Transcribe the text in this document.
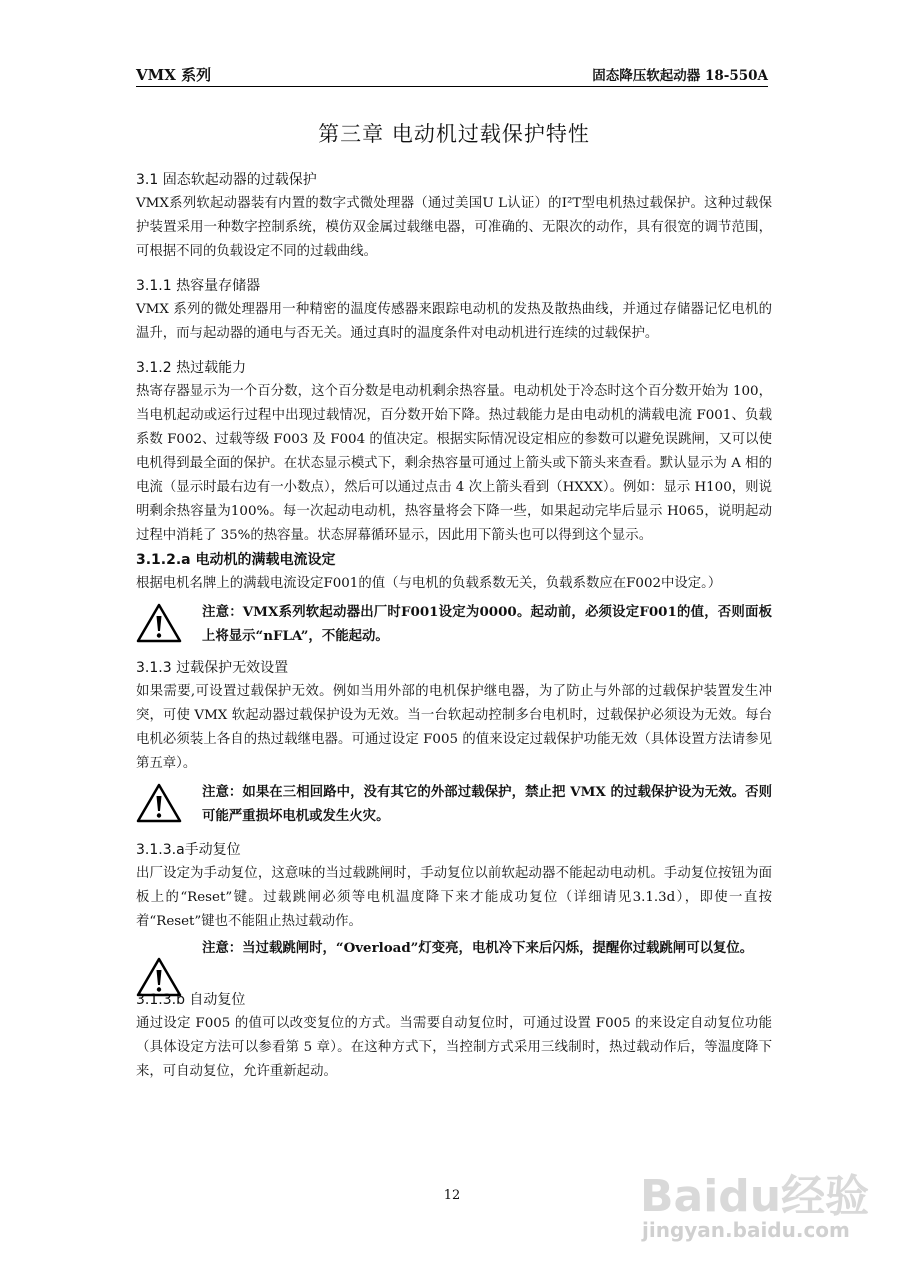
VMX 系列	固态降压软起动器 18-550A
第三章 电动机过载保护特性
3.1 固态软起动器的过载保护
VMX系列软起动器装有内置的数字式微处理器（通过美国U L认证）的I²T型电机热过载保护。这种过载保护装置采用一种数字控制系统，模仿双金属过载继电器，可准确的、无限次的动作，具有很宽的调节范围，可根据不同的负载设定不同的过载曲线。
3.1.1 热容量存储器
VMX 系列的微处理器用一种精密的温度传感器来跟踪电动机的发热及散热曲线，并通过存储器记忆电机的温升，而与起动器的通电与否无关。通过真时的温度条件对电动机进行连续的过载保护。
3.1.2 热过载能力
热寄存器显示为一个百分数，这个百分数是电动机剩余热容量。电动机处于冷态时这个百分数开始为 100，当电机起动或运行过程中出现过载情况，百分数开始下降。热过载能力是由电动机的满载电流 F001、负载系数 F002、过载等级 F003 及 F004 的值决定。根据实际情况设定相应的参数可以避免误跳闸，又可以使电机得到最全面的保护。在状态显示模式下，剩余热容量可通过上箭头或下箭头来查看。默认显示为 A 相的电流（显示时最右边有一小数点），然后可以通过点击 4 次上箭头看到（HXXX）。例如：显示 H100，则说明剩余热容量为100%。每一次起动电动机，热容量将会下降一些，如果起动完毕后显示 H065，说明起动过程中消耗了 35%的热容量。状态屏幕循环显示，因此用下箭头也可以得到这个显示。
3.1.2.a 电动机的满载电流设定
根据电机名牌上的满载电流设定F001的值（与电机的负载系数无关，负载系数应在F002中设定。）
注意：VMX系列软起动器出厂时F001设定为0000。起动前，必须设定F001的值，否则面板上将显示“nFLA”，不能起动。
3.1.3 过载保护无效设置
如果需要,可设置过载保护无效。例如当用外部的电机保护继电器，为了防止与外部的过载保护装置发生冲突，可使 VMX 软起动器过载保护设为无效。当一台软起动控制多台电机时，过载保护必须设为无效。每台电机必须装上各自的热过载继电器。可通过设定 F005 的值来设定过载保护功能无效（具体设置方法请参见第五章）。
注意：如果在三相回路中，没有其它的外部过载保护，禁止把 VMX 的过载保护设为无效。否则可能严重损坏电机或发生火灾。
3.1.3.a手动复位
出厂设定为手动复位，这意味的当过载跳闸时，手动复位以前软起动器不能起动电动机。手动复位按钮为面板上的“Reset”键。过载跳闸必须等电机温度降下来才能成功复位（详细请见3.1.3d），即使一直按着“Reset”键也不能阻止热过载动作。
注意：当过载跳闸时，“Overload”灯变亮，电机冷下来后闪烁，提醒你过载跳闸可以复位。
3.1.3.b 自动复位
通过设定 F005 的值可以改变复位的方式。当需要自动复位时，可通过设置 F005 的来设定自动复位功能（具体设定方法可以参看第 5 章）。在这种方式下，当控制方式采用三线制时，热过载动作后，等温度降下来，可自动复位，允许重新起动。
12	Baidu经验
jingyan.baidu.com
